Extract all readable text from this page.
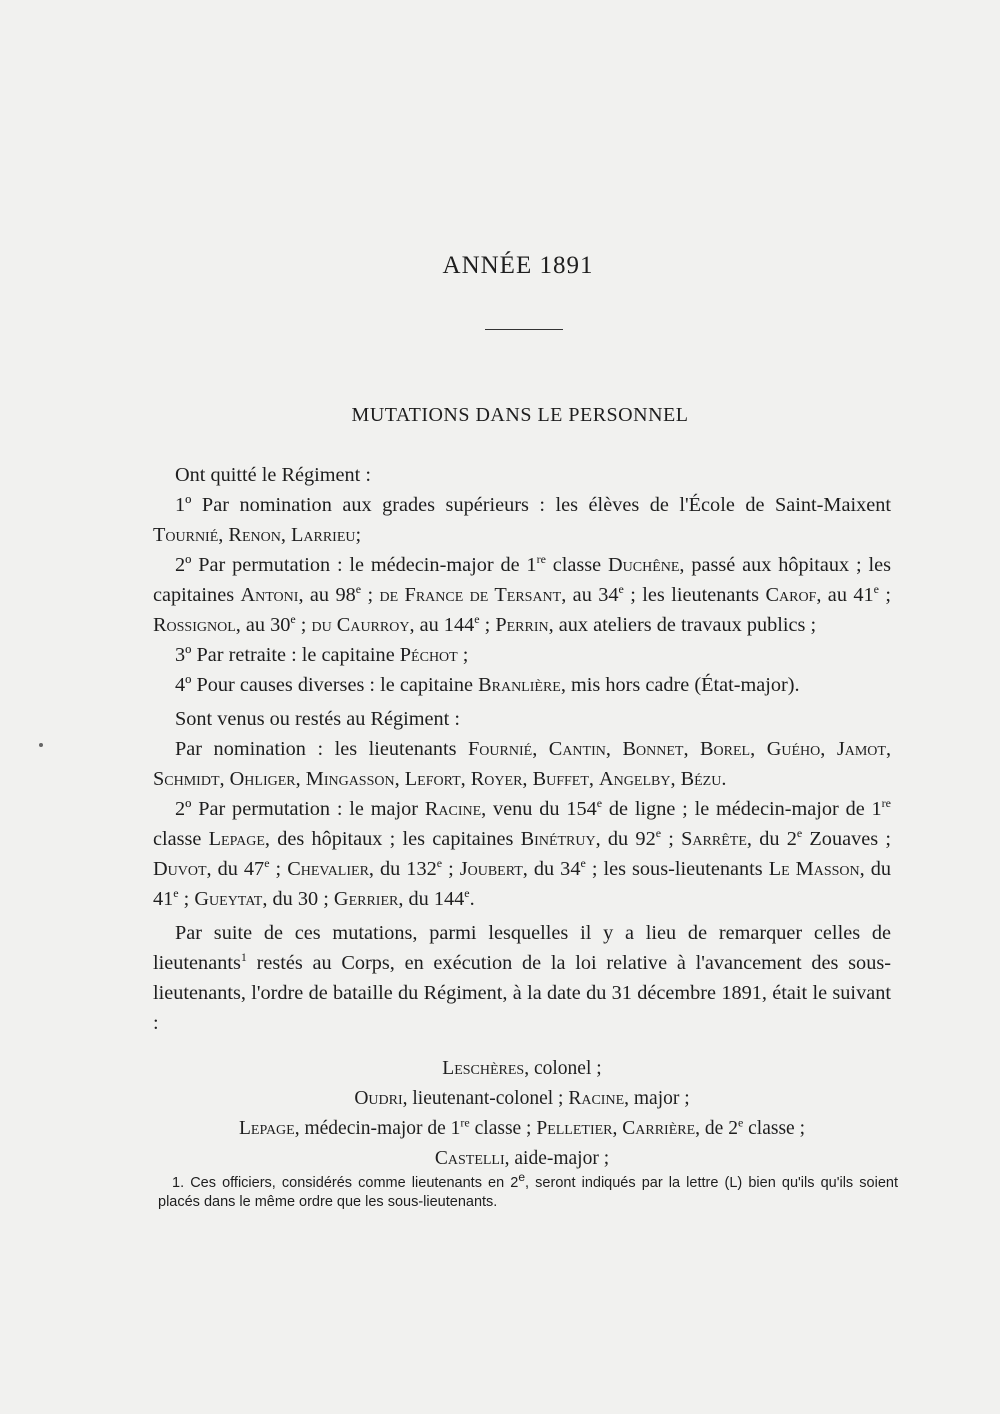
ANNÉE 1891
MUTATIONS DANS LE PERSONNEL

Ont quitté le Régiment :

1º Par nomination aux grades supérieurs : les élèves de l'École de Saint-Maixent Tournié, Renon, Larrieu;

2º Par permutation : le médecin-major de 1re classe Duchêne, passé aux hôpitaux ; les capitaines Antoni, au 98e ; de France de Tersant, au 34e ; les lieutenants Carof, au 41e ; Rossignol, au 30e ; du Caurroy, au 144e ; Perrin, aux ateliers de travaux publics ;

3º Par retraite : le capitaine Péchot ;

4º Pour causes diverses : le capitaine Branlière, mis hors cadre (État-major).

Sont venus ou restés au Régiment :

Par nomination : les lieutenants Fournié, Cantin, Bonnet, Borel, Guého, Jamot, Schmidt, Ohliger, Mingasson, Lefort, Royer, Buffet, Angelby, Bézu.

2º Par permutation : le major Racine, venu du 154e de ligne ; le médecin-major de 1re classe Lepage, des hôpitaux ; les capitaines Binétruy, du 92e ; Sarrête, du 2e Zouaves ; Duvot, du 47e ; Chevalier, du 132e ; Joubert, du 34e ; les sous-lieutenants Le Masson, du 41e ; Gueytat, du 30 ; Gerrier, du 144e.

Par suite de ces mutations, parmi lesquelles il y a lieu de remarquer celles de lieutenants$^1$ restés au Corps, en exécution de la loi relative à l'avancement des sous-lieutenants, l'ordre de bataille du Régiment, à la date du 31 décembre 1891, était le suivant :

Leschères, colonel ;
Oudri, lieutenant-colonel ; Racine, major ;
Lepage, médecin-major de 1re classe ; Pelletier, Carrière, de 2e classe ;
Castelli, aide-major ;
1. Ces officiers, considérés comme lieutenants en 2e, seront indiqués par la lettre (L) bien qu'ils qu'ils soient placés dans le même ordre que les sous-lieutenants.
